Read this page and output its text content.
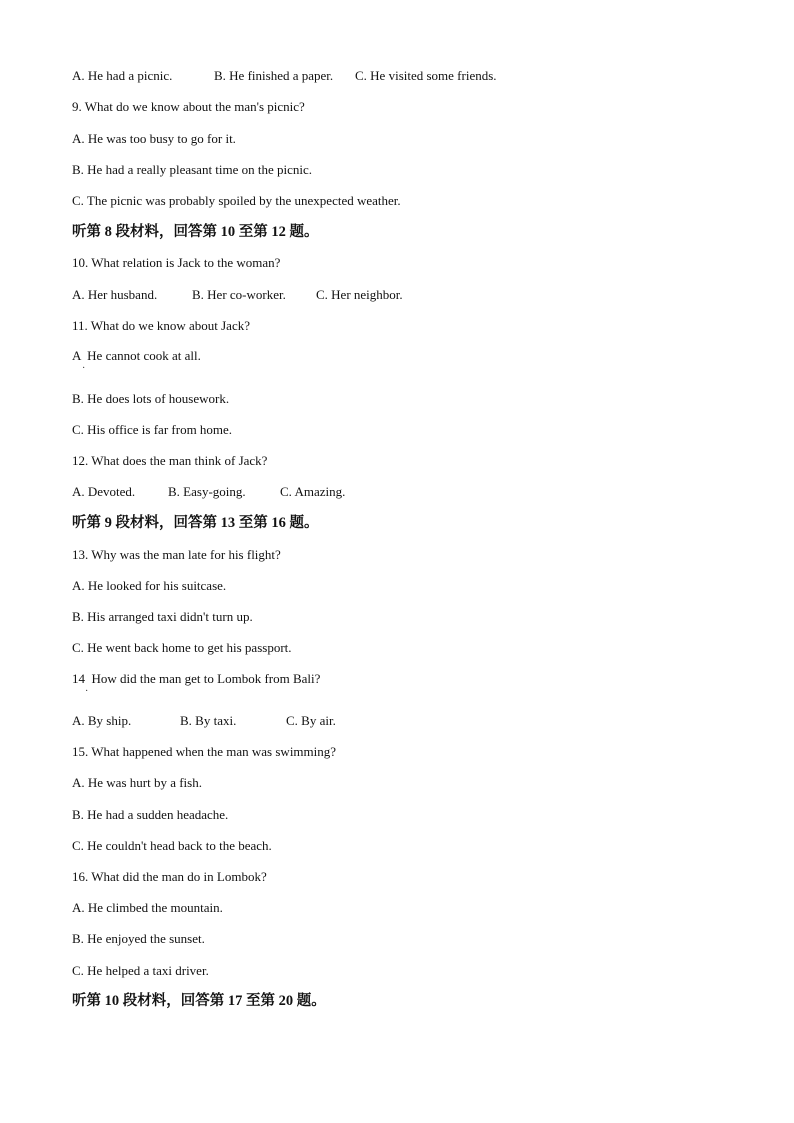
A. He had a picnic.	B. He finished a paper. C. He visited some friends.
9. What do we know about the man's picnic?
A. He was too busy to go for it.
B. He had a really pleasant time on the picnic.
C. The picnic was probably spoiled by the unexpected weather.
听第 8 段材料，回答第 10 至第 12 题。
10. What relation is Jack to the woman?
A. Her husband.	B. Her co-worker. C. Her neighbor.
11. What do we know about Jack?
A  He cannot cook at all.
·
B. He does lots of housework.
C. His office is far from home.
12. What does the man think of Jack?
A. Devoted.	B. Easy-going.	C. Amazing.
听第 9 段材料，回答第 13 至第 16 题。
13. Why was the man late for his flight?
A. He looked for his suitcase.
B. His arranged taxi didn't turn up.
C. He went back home to get his passport.
14  How did the man get to Lombok from Bali?
·
A. By ship.	B. By taxi.	C. By air.
15. What happened when the man was swimming?
A. He was hurt by a fish.
B. He had a sudden headache.
C. He couldn't head back to the beach.
16. What did the man do in Lombok?
A. He climbed the mountain.
B. He enjoyed the sunset.
C. He helped a taxi driver.
听第 10 段材料，回答第 17 至第 20 题。
